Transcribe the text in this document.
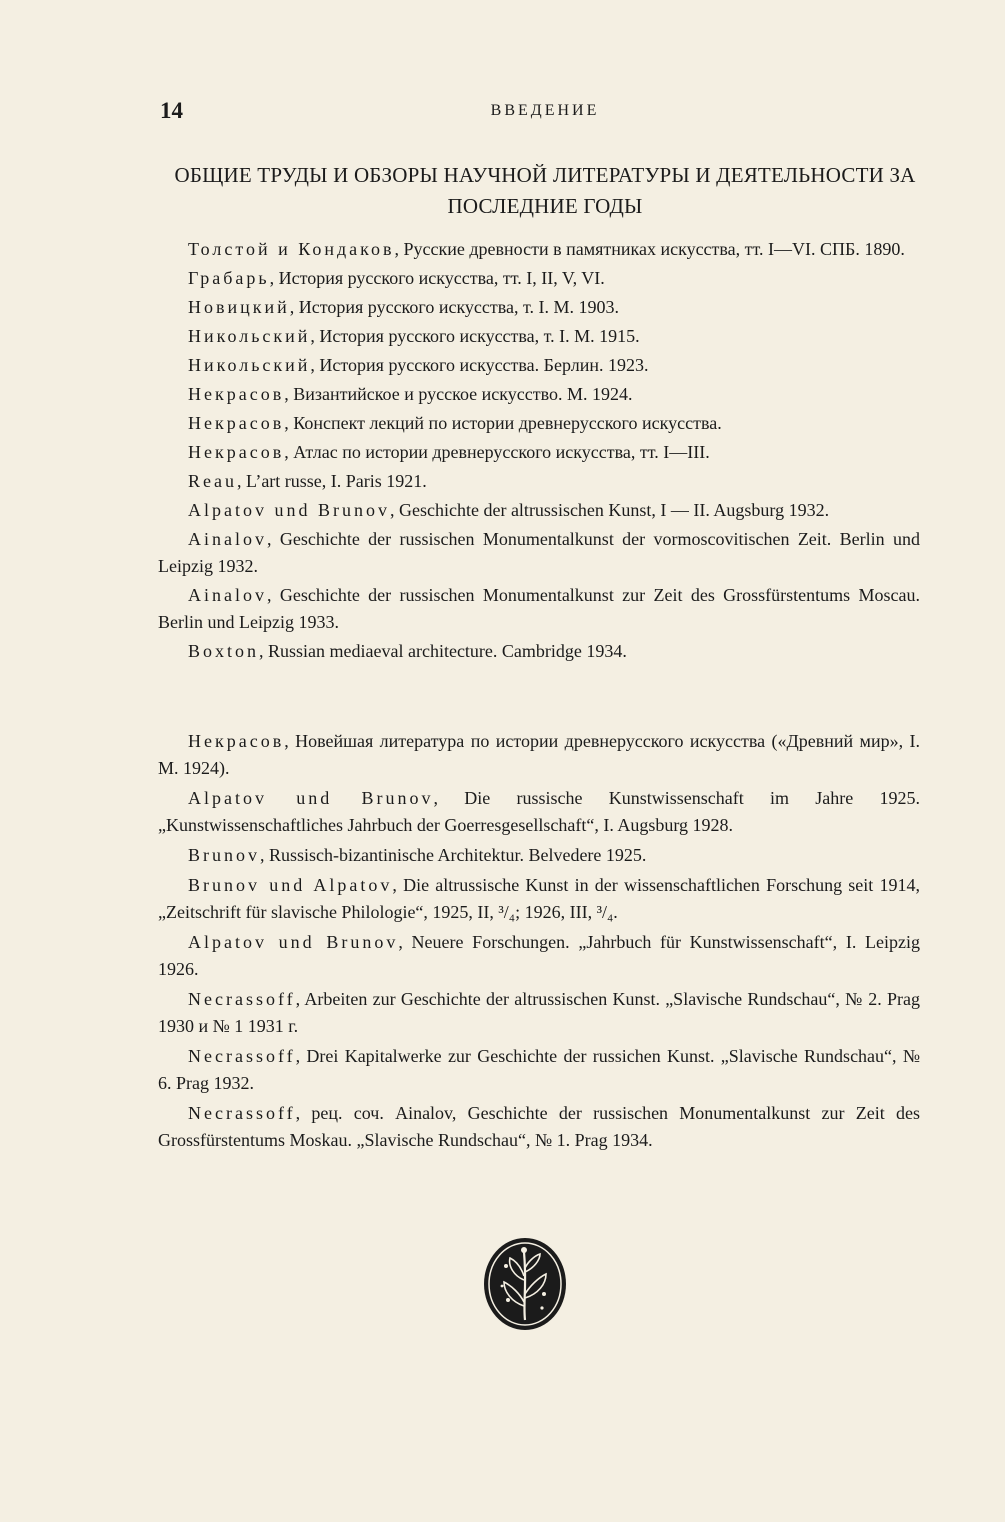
14	ВВЕДЕНИЕ
ОБЩИЕ ТРУДЫ И ОБЗОРЫ НАУЧНОЙ ЛИТЕРАТУРЫ И ДЕЯТЕЛЬНОСТИ ЗА ПОСЛЕДНИЕ ГОДЫ

Толстой и Кондаков, Русские древности в памятниках искусства, тт. I—VI. СПБ. 1890.

Грабарь, История русского искусства, тт. I, II, V, VI.

Новицкий, История русского искусства, т. I. М. 1903.

Никольский, История русского искусства, т. I. М. 1915.

Никольский, История русского искусства. Берлин. 1923.

Некрасов, Византийское и русское искусство. М. 1924.

Некрасов, Конспект лекций по истории древнерусского искусства.

Некрасов, Атлас по истории древнерусского искусства, тт. I—III.

Reau, L’art russe, I. Paris 1921.

Alpatov und Brunov, Geschichte der altrussischen Kunst, I — II. Augsburg 1932.

Ainalov, Geschichte der russischen Monumentalkunst der vormoscovitischen Zeit. Berlin und Leipzig 1932.

Ainalov, Geschichte der russischen Monumentalkunst zur Zeit des Grossfürstentums Moscau. Berlin und Leipzig 1933.

Boxton, Russian mediaeval architecture. Cambridge 1934.

Некрасов, Новейшая литература по истории древнерусского искусства («Древний мир», I. М. 1924).

Alpatov und Brunov, Die russische Kunstwissenschaft im Jahre 1925. „Kunstwissenschaftliches Jahrbuch der Goerresgesellschaft“, I. Augsburg 1928.

Brunov, Russisch-bizantinische Architektur. Belvedere 1925.

Brunov und Alpatov, Die altrussische Kunst in der wissenschaftlichen Forschung seit 1914, „Zeitschrift für slavische Philologie“, 1925, II, ³/₄; 1926, III, ³/₄.

Alpatov und Brunov, Neuere Forschungen. „Jahrbuch für Kunstwissenschaft“, I. Leipzig 1926.

Necrassoff, Arbeiten zur Geschichte der altrussischen Kunst. „Slavische Rundschau“, № 2. Prag 1930 и № 1 1931 г.

Necrassoff, Drei Kapitalwerke zur Geschichte der russichen Kunst. „Slavische Rundschau“, № 6. Prag 1932.

Necrassoff, рец. соч. Ainalov, Geschichte der russischen Monumentalkunst zur Zeit des Grossfürstentums Moskau. „Slavische Rundschau“, № 1. Prag 1934.
